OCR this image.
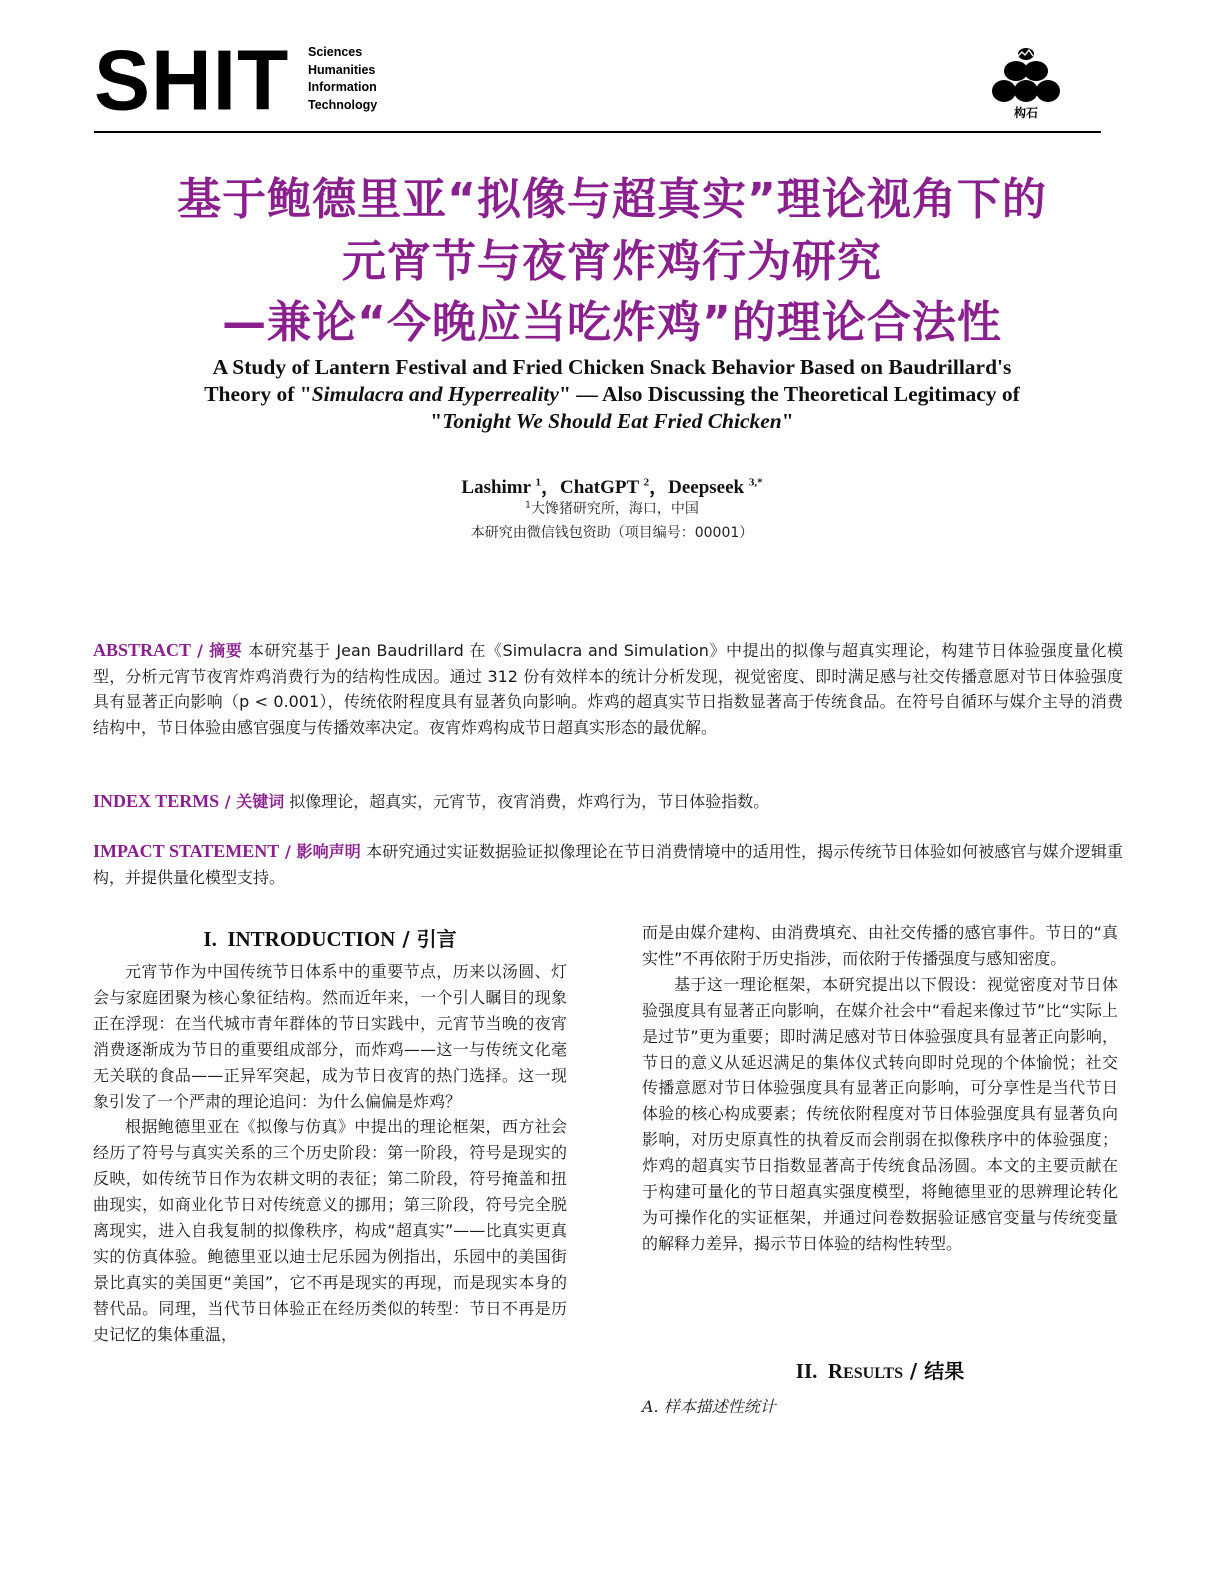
SHIT Sciences
Humanities
Information
Technology
构石
基于鲍德里亚“拟像与超真实”理论视角下的
元宵节与夜宵炸鸡行为研究
—兼论“今晚应当吃炸鸡”的理论合法性
A Study of Lantern Festival and Fried Chicken Snack Behavior Based on Baudrillard's
Theory of "Simulacra and Hyperreality" — Also Discussing the Theoretical Legitimacy of
"Tonight We Should Eat Fried Chicken"
Lashimr $^1$，ChatGPT $^2$，Deepseek $^{3,*}$
$^1$大馋猪研究所，海口，中国
本研究由微信钱包资助（项目编号：00001）
ABSTRACT / 摘要 本研究基于 Jean Baudrillard 在《Simulacra and Simulation》中提出的拟像与超真实理论，构建节日体验强度量化模型，分析元宵节夜宵炸鸡消费行为的结构性成因。通过 312 份有效样本的统计分析发现，视觉密度、即时满足感与社交传播意愿对节日体验强度具有显著正向影响（p < 0.001），传统依附程度具有显著负向影响。炸鸡的超真实节日指数显著高于传统食品。在符号自循环与媒介主导的消费结构中，节日体验由感官强度与传播效率决定。夜宵炸鸡构成节日超真实形态的最优解。
INDEX TERMS / 关键词 拟像理论，超真实，元宵节，夜宵消费，炸鸡行为，节日体验指数。
IMPACT STATEMENT / 影响声明 本研究通过实证数据验证拟像理论在节日消费情境中的适用性，揭示传统节日体验如何被感官与媒介逻辑重构，并提供量化模型支持。
I. INTRODUCTION / 引言

元宵节作为中国传统节日体系中的重要节点，历来以汤圆、灯会与家庭团聚为核心象征结构。然而近年来，一个引人瞩目的现象正在浮现：在当代城市青年群体的节日实践中，元宵节当晚的夜宵消费逐渐成为节日的重要组成部分，而炸鸡——这一与传统文化毫无关联的食品——正异军突起，成为节日夜宵的热门选择。这一现象引发了一个严肃的理论追问：为什么偏偏是炸鸡？

根据鲍德里亚在《拟像与仿真》中提出的理论框架，西方社会经历了符号与真实关系的三个历史阶段：第一阶段，符号是现实的反映，如传统节日作为农耕文明的表征；第二阶段，符号掩盖和扭曲现实，如商业化节日对传统意义的挪用；第三阶段，符号完全脱离现实，进入自我复制的拟像秩序，构成“超真实”——比真实更真实的仿真体验。鲍德里亚以迪士尼乐园为例指出，乐园中的美国街景比真实的美国更“美国”，它不再是现实的再现，而是现实本身的替代品。同理，当代节日体验正在经历类似的转型：节日不再是历史记忆的集体重温，

而是由媒介建构、由消费填充、由社交传播的感官事件。节日的“真实性”不再依附于历史指涉，而依附于传播强度与感知密度。

基于这一理论框架，本研究提出以下假设：视觉密度对节日体验强度具有显著正向影响，在媒介社会中“看起来像过节”比“实际上是过节”更为重要；即时满足感对节日体验强度具有显著正向影响，节日的意义从延迟满足的集体仪式转向即时兑现的个体愉悦；社交传播意愿对节日体验强度具有显著正向影响，可分享性是当代节日体验的核心构成要素；传统依附程度对节日体验强度具有显著负向影响，对历史原真性的执着反而会削弱在拟像秩序中的体验强度；炸鸡的超真实节日指数显著高于传统食品汤圆。本文的主要贡献在于构建可量化的节日超真实强度模型，将鲍德里亚的思辨理论转化为可操作化的实证框架，并通过问卷数据验证感官变量与传统变量的解释力差异，揭示节日体验的结构性转型。

II. RESULTS / 结果
A. 样本描述性统计
